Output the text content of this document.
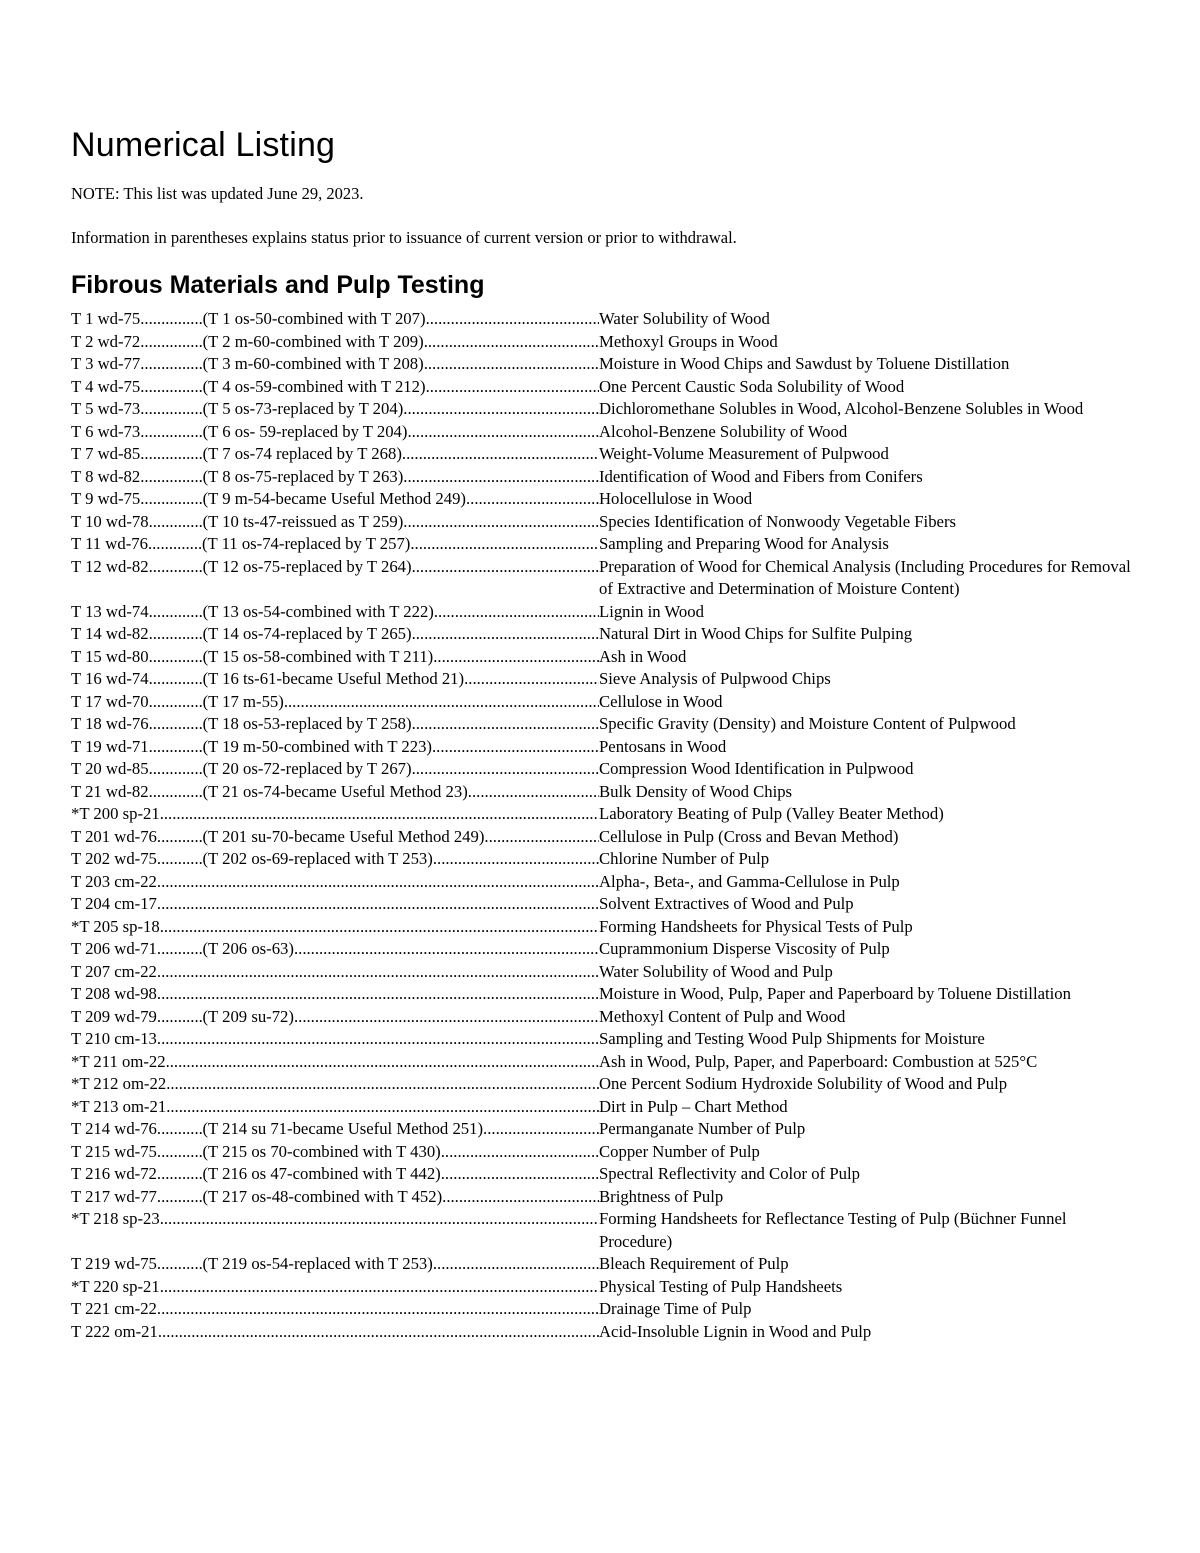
Numerical Listing

NOTE: This list was updated June 29, 2023.

Information in parentheses explains status prior to issuance of current version or prior to withdrawal.

Fibrous Materials and Pulp Testing
T 1 wd-75 .....	(T 1 os-50-combined with T 207) .....	Water Solubility of Wood
T 2 wd-72 .....	(T 2 m-60-combined with T 209) .....	Methoxyl Groups in Wood
T 3 wd-77 .....	(T 3 m-60-combined with T 208) .....	Moisture in Wood Chips and Sawdust by Toluene Distillation
T 4 wd-75 .....	(T 4 os-59-combined with T 212) .....	One Percent Caustic Soda Solubility of Wood
T 5 wd-73 .....	(T 5 os-73-replaced by T 204) .....	Dichloromethane Solubles in Wood, Alcohol-Benzene Solubles in Wood
T 6 wd-73 .....	(T 6 os- 59-replaced by T 204) .....	Alcohol-Benzene Solubility of Wood
T 7 wd-85 .....	(T 7 os-74 replaced by T 268) .....	Weight-Volume Measurement of Pulpwood
T 8 wd-82 .....	(T 8 os-75-replaced by T 263) .....	Identification of Wood and Fibers from Conifers
T 9 wd-75 .....	(T 9 m-54-became Useful Method 249) .....	Holocellulose in Wood
T 10 wd-78 .....	(T 10 ts-47-reissued as T 259) .....	Species Identification of Nonwoody Vegetable Fibers
T 11 wd-76 .....	(T 11 os-74-replaced by T 257) .....	Sampling and Preparing Wood for Analysis
T 12 wd-82 .....	(T 12 os-75-replaced by T 264) .....	Preparation of Wood for Chemical Analysis (Including Procedures for Removal of Extractive and Determination of Moisture Content)
T 13 wd-74 .....	(T 13 os-54-combined with T 222) .....	Lignin in Wood
T 14 wd-82 .....	(T 14 os-74-replaced by T 265) .....	Natural Dirt in Wood Chips for Sulfite Pulping
T 15 wd-80 .....	(T 15 os-58-combined with T 211) .....	Ash in Wood
T 16 wd-74 .....	(T 16 ts-61-became Useful Method 21) .....	Sieve Analysis of Pulpwood Chips
T 17 wd-70 .....	(T 17 m-55) .....	Cellulose in Wood
T 18 wd-76 .....	(T 18 os-53-replaced by T 258) .....	Specific Gravity (Density) and Moisture Content of Pulpwood
T 19 wd-71 .....	(T 19 m-50-combined with T 223) .....	Pentosans in Wood
T 20 wd-85 .....	(T 20 os-72-replaced by T 267) .....	Compression Wood Identification in Pulpwood
T 21 wd-82 .....	(T 21 os-74-became Useful Method 23) .....	Bulk Density of Wood Chips
*T 200 sp-21 .....	Laboratory Beating of Pulp (Valley Beater Method)
T 201 wd-76 .....	(T 201 su-70-became Useful Method 249) .....	Cellulose in Pulp (Cross and Bevan Method)
T 202 wd-75 .....	(T 202 os-69-replaced with T 253) .....	Chlorine Number of Pulp
T 203 cm-22 .....	Alpha-, Beta-, and Gamma-Cellulose in Pulp
T 204 cm-17 .....	Solvent Extractives of Wood and Pulp
*T 205 sp-18 .....	Forming Handsheets for Physical Tests of Pulp
T 206 wd-71 .....	(T 206 os-63) .....	Cuprammonium Disperse Viscosity of Pulp
T 207 cm-22 .....	Water Solubility of Wood and Pulp
T 208 wd-98 .....	Moisture in Wood, Pulp, Paper and Paperboard by Toluene Distillation
T 209 wd-79 .....	(T 209 su-72) .....	Methoxyl Content of Pulp and Wood
T 210 cm-13 .....	Sampling and Testing Wood Pulp Shipments for Moisture
*T 211 om-22 .....	Ash in Wood, Pulp, Paper, and Paperboard: Combustion at 525°C
*T 212 om-22 .....	One Percent Sodium Hydroxide Solubility of Wood and Pulp
*T 213 om-21 .....	Dirt in Pulp – Chart Method
T 214 wd-76 .....	(T 214 su 71-became Useful Method 251) .....	Permanganate Number of Pulp
T 215 wd-75 .....	(T 215 os 70-combined with T 430) .....	Copper Number of Pulp
T 216 wd-72 .....	(T 216 os 47-combined with T 442) .....	Spectral Reflectivity and Color of Pulp
T 217 wd-77 .....	(T 217 os-48-combined with T 452) .....	Brightness of Pulp
*T 218 sp-23 .....	Forming Handsheets for Reflectance Testing of Pulp (Büchner Funnel Procedure)
T 219 wd-75 .....	(T 219 os-54-replaced with T 253) .....	Bleach Requirement of Pulp
*T 220 sp-21 .....	Physical Testing of Pulp Handsheets
T 221 cm-22 .....	Drainage Time of Pulp
T 222 om-21 .....	Acid-Insoluble Lignin in Wood and Pulp
